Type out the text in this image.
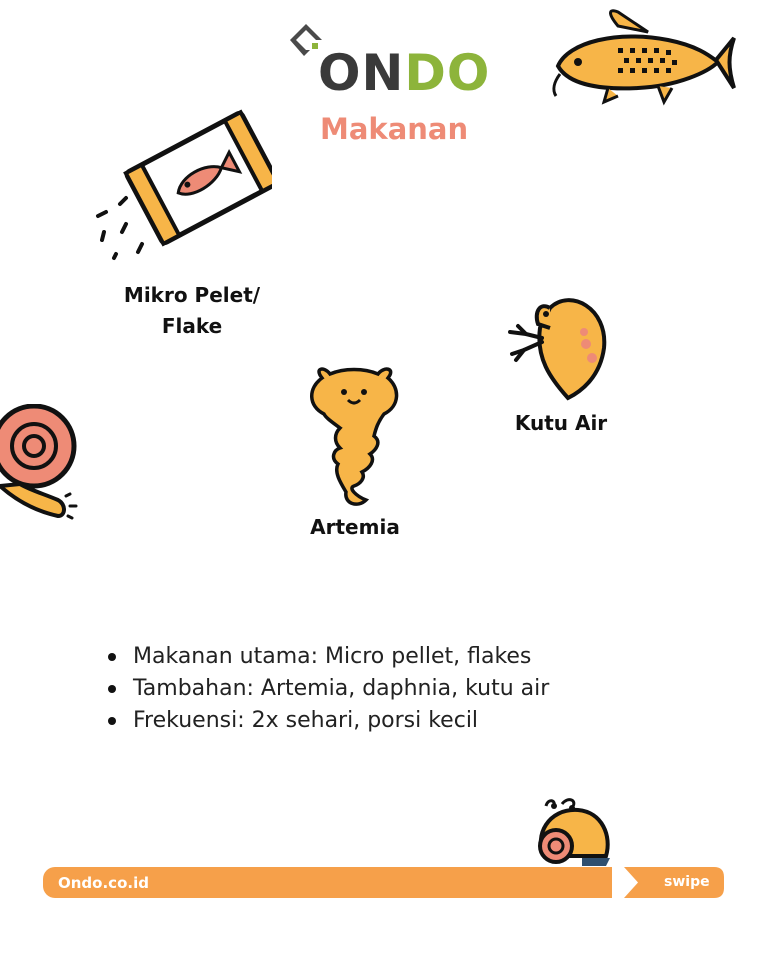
ONDO
Makanan
Mikro Pelet/
Flake
Kutu Air
Artemia
Makanan utama: Micro pellet, flakes
Tambahan: Artemia, daphnia, kutu air
Frekuensi: 2x sehari, porsi kecil
Ondo.co.id	swipe
